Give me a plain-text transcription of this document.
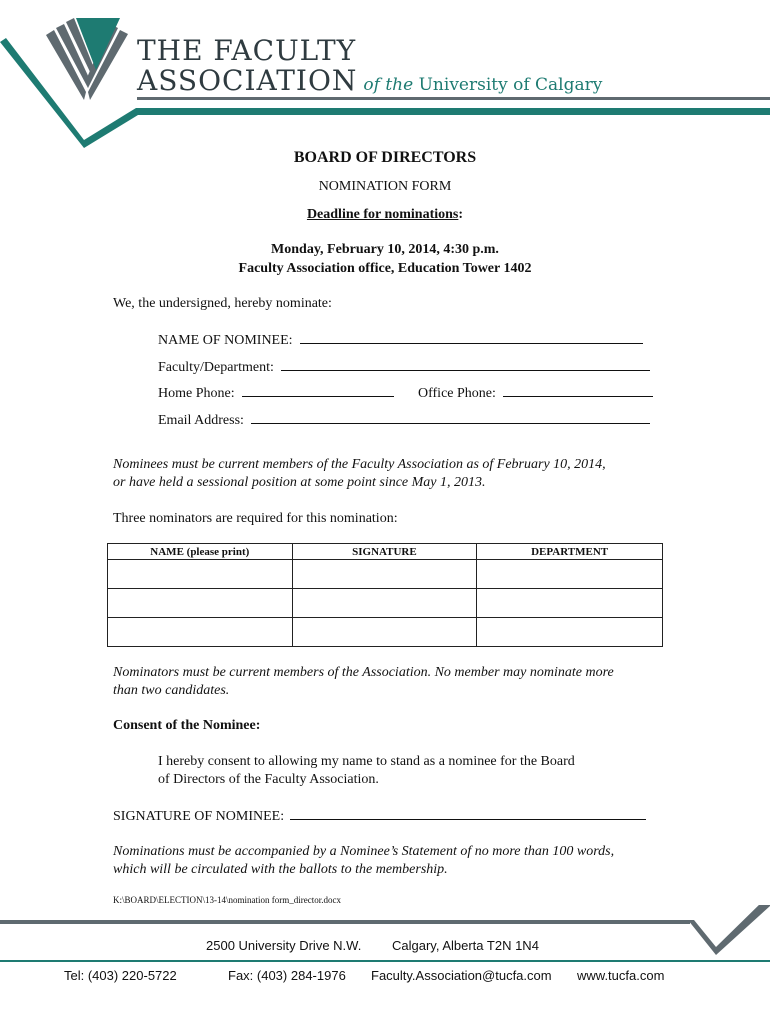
THE FACULTY
ASSOCIATION of the University of Calgary
BOARD OF DIRECTORS
NOMINATION FORM
Deadline for nominations:
Monday, February 10, 2014, 4:30 p.m.
Faculty Association office, Education Tower 1402
We, the undersigned, hereby nominate:
NAME OF NOMINEE:
Faculty/Department:
Home Phone:	Office Phone:
Email Address:
Nominees must be current members of the Faculty Association as of February 10, 2014,
or have held a sessional position at some point since May 1, 2013.
Three nominators are required for this nomination:
NAME (please print)	SIGNATURE	DEPARTMENT

Nominators must be current members of the Association. No member may nominate more
than two candidates.
Consent of the Nominee:
I hereby consent to allowing my name to stand as a nominee for the Board
of Directors of the Faculty Association.
SIGNATURE OF NOMINEE:
Nominations must be accompanied by a Nominee’s Statement of no more than 100 words,
which will be circulated with the ballots to the membership.
K:\BOARD\ELECTION\13-14\nomination form_director.docx
2500 University Drive N.W. Calgary, Alberta T2N 1N4
Tel: (403) 220-5722	Fax: (403) 284-1976 Faculty.Association@tucfa.com www.tucfa.com
